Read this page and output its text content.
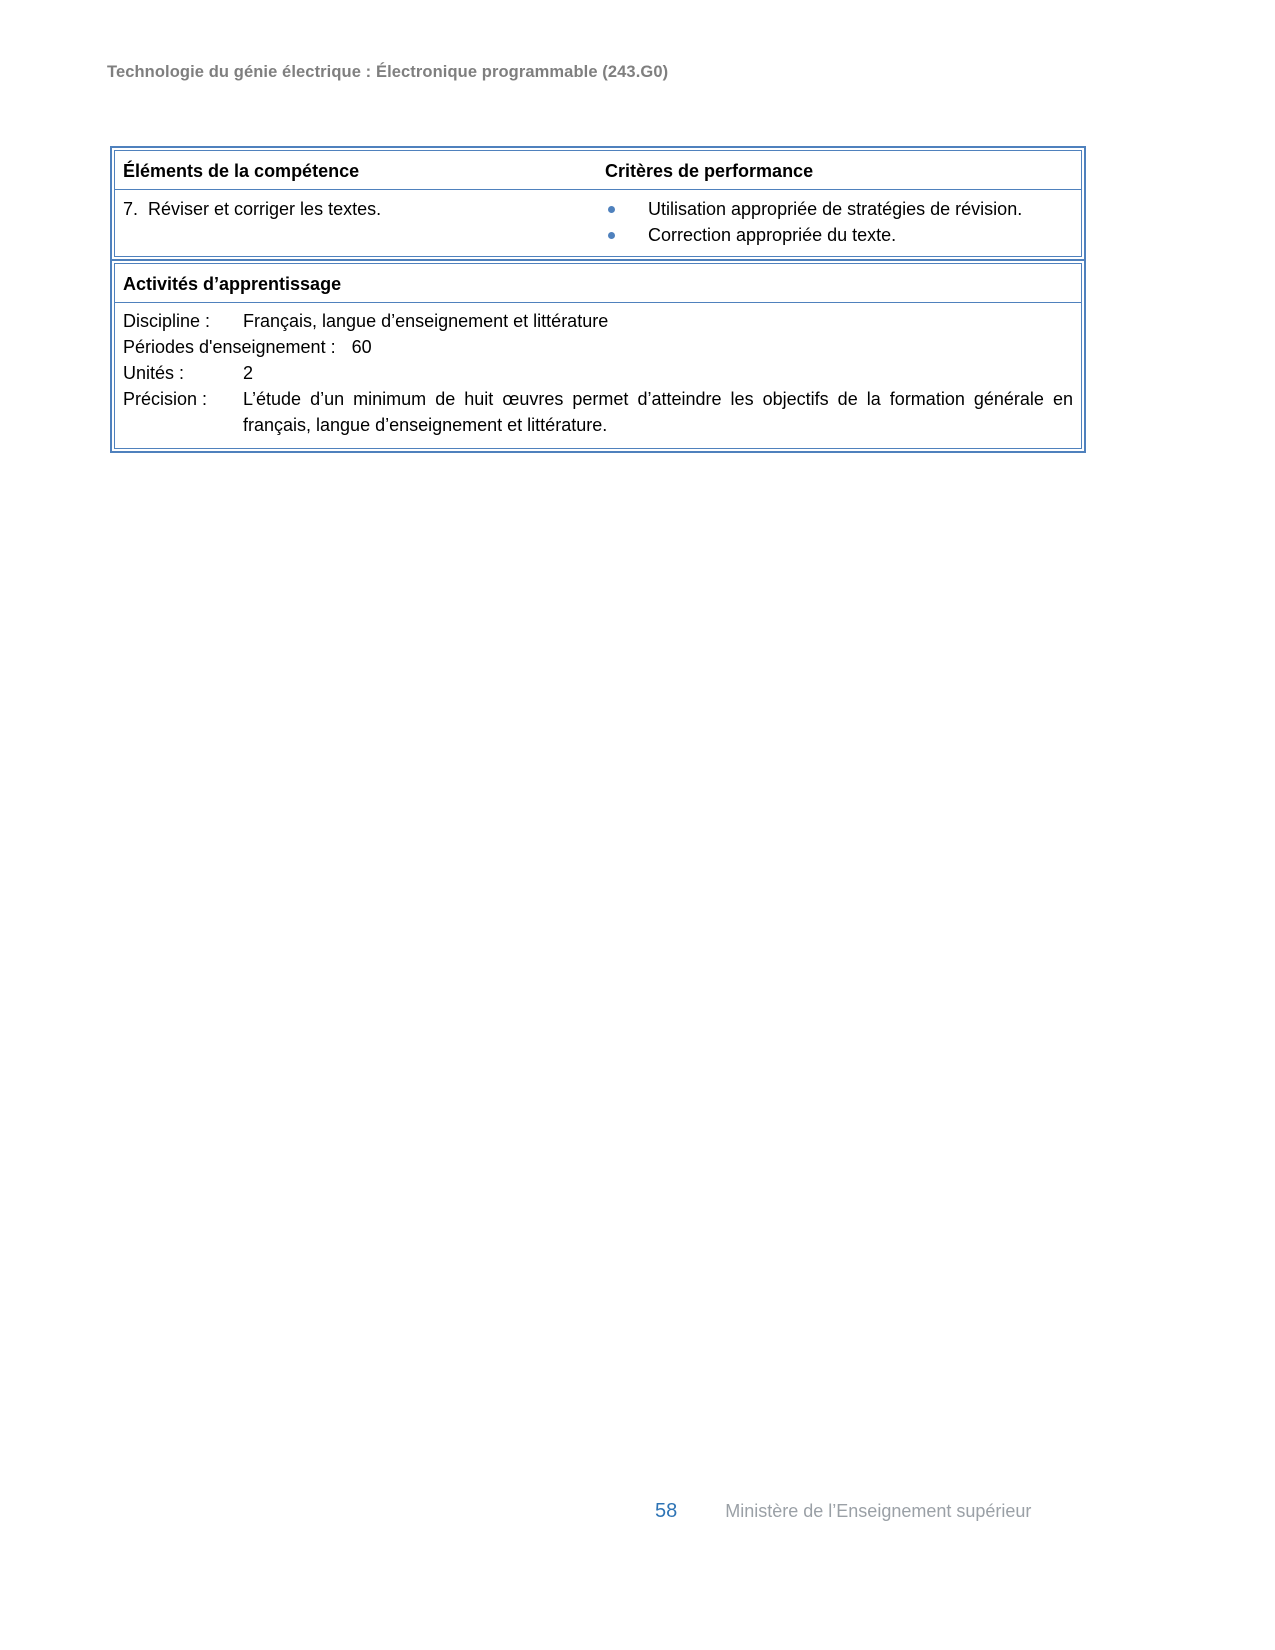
Technologie du génie électrique : Électronique programmable (243.G0)
Éléments de la compétence	Critères de performance
7.  Réviser et corriger les textes.	Utilisation appropriée de stratégies de révision.
Correction appropriée du texte.
Activités d’apprentissage
Discipline :	Français, langue d’enseignement et littérature
Périodes d'enseignement : 60
Unités :	2
Précision :	L’étude d’un minimum de huit œuvres permet d’atteindre les objectifs de la formation générale en français, langue d’enseignement et littérature.
58	Ministère de l’Enseignement supérieur
